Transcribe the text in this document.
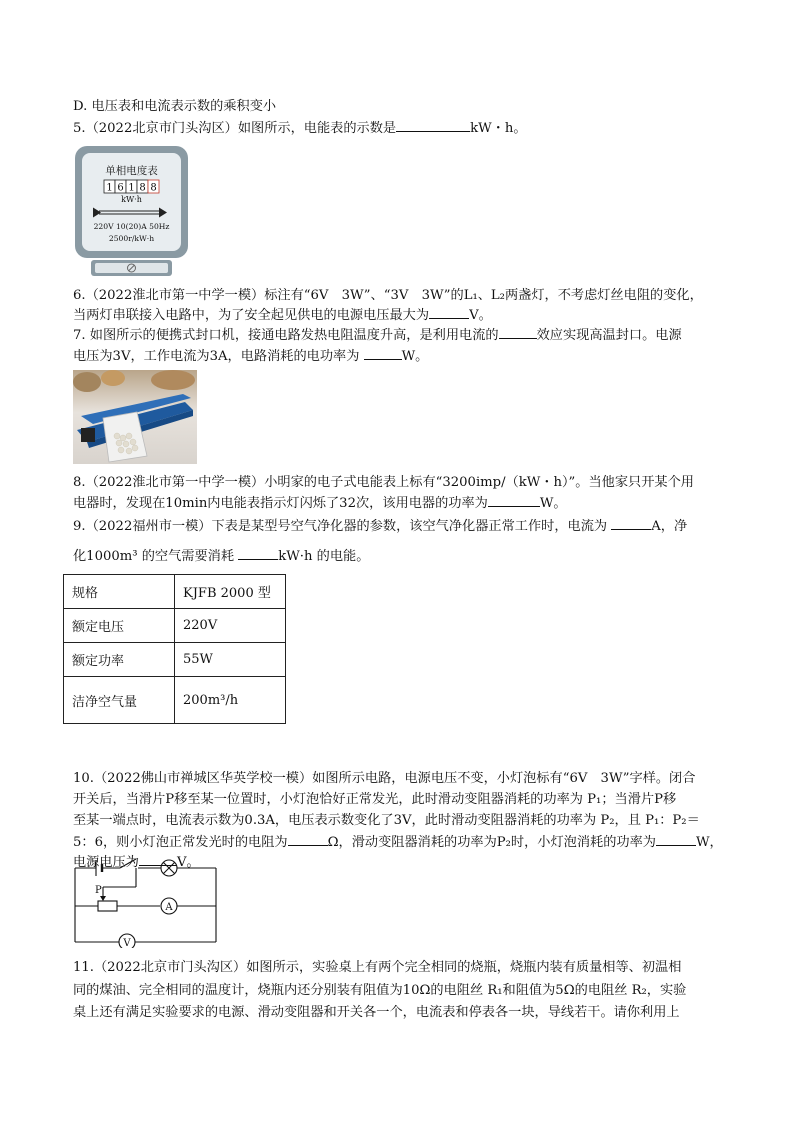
D. 电压表和电流表示数的乘积变小
5.（2022北京市门头沟区）如图所示，电能表的示数是	kW・h。
单相电度表
1 6 1 8 8
kW·h
220V 10(20)A 50Hz
2500r/kW·h
6.（2022淮北市第一中学一模）标注有“6V　3W”、“3V　3W”的L₁、L₂两盏灯，不考虑灯丝电阻的变化，
当两灯串联接入电路中，为了安全起见供电的电源电压最大为	V。
7. 如图所示的便携式封口机，接通电路发热电阻温度升高，是利用电流的	效应实现高温封口。电源
电压为3V，工作电流为3A，电路消耗的电功率为	W。
8.（2022淮北市第一中学一模）小明家的电子式电能表上标有“3200imp/（kW・h）”。当他家只开某个用
电器时，发现在10min内电能表指示灯闪烁了32次，该用电器的功率为	W。
9.（2022福州市一模）下表是某型号空气净化器的参数，该空气净化器正常工作时，电流为	A，净
化1000m³ 的空气需要消耗	kW·h 的电能。
规格	KJFB 2000 型
额定电压	220V
额定功率	55W
洁净空气量	200m³/h
10.（2022佛山市禅城区华英学校一模）如图所示电路，电源电压不变，小灯泡标有“6V　3W”字样。闭合
开关后，当滑片P移至某一位置时，小灯泡恰好正常发光，此时滑动变阻器消耗的功率为 P₁；当滑片P移
至某一端点时，电流表示数为0.3A，电压表示数变化了3V，此时滑动变阻器消耗的功率为 P₂，且 P₁：P₂＝
5：6，则小灯泡正常发光时的电阻为	Ω，滑动变阻器消耗的功率为P₂时，小灯泡消耗的功率为	W，
电源电压为	V。
P
A
V
11.（2022北京市门头沟区）如图所示，实验桌上有两个完全相同的烧瓶，烧瓶内装有质量相等、初温相
同的煤油、完全相同的温度计，烧瓶内还分别装有阻值为10Ω的电阻丝 R₁和阻值为5Ω的电阻丝 R₂，实验
桌上还有满足实验要求的电源、滑动变阻器和开关各一个，电流表和停表各一块，导线若干。请你利用上
